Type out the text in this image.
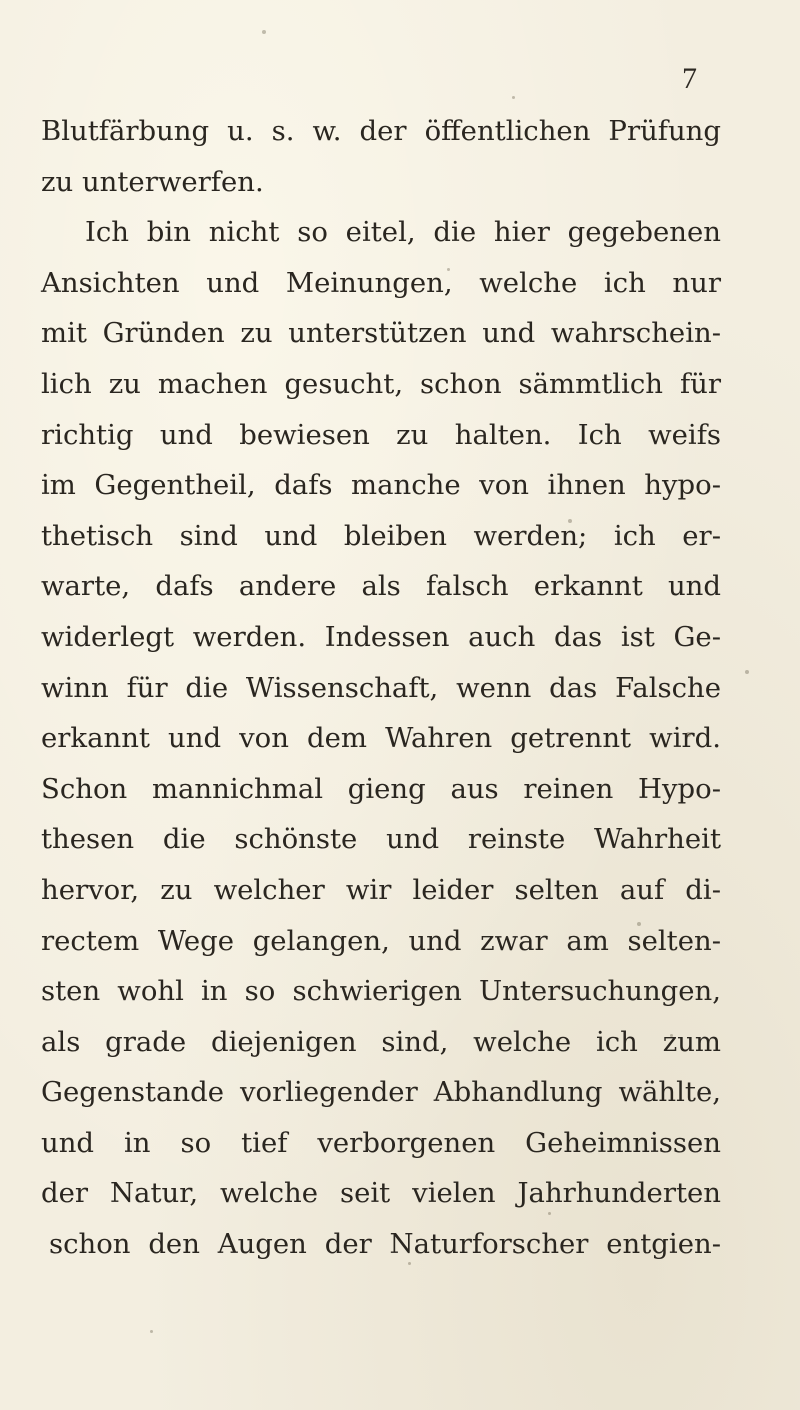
7
Blutfärbung u. s. w. der öffentlichen Prüfung
zu unterwerfen.
Ich bin nicht so eitel, die hier gegebenen
Ansichten und Meinungen, welche ich nur
mit Gründen zu unterstützen und wahrschein-
lich zu machen gesucht, schon sämmtlich für
richtig und bewiesen zu halten. Ich weifs
im Gegentheil, dafs manche von ihnen hypo-
thetisch sind und bleiben werden; ich er-
warte, dafs andere als falsch erkannt und
widerlegt werden. Indessen auch das ist Ge-
winn für die Wissenschaft, wenn das Falsche
erkannt und von dem Wahren getrennt wird.
Schon mannichmal gieng aus reinen Hypo-
thesen die schönste und reinste Wahrheit
hervor, zu welcher wir leider selten auf di-
rectem Wege gelangen, und zwar am selten-
sten wohl in so schwierigen Untersuchungen,
als grade diejenigen sind, welche ich zum
Gegenstande vorliegender Abhandlung wählte,
und in so tief verborgenen Geheimnissen
der Natur, welche seit vielen Jahrhunderten
schon den Augen der Naturforscher entgien-
